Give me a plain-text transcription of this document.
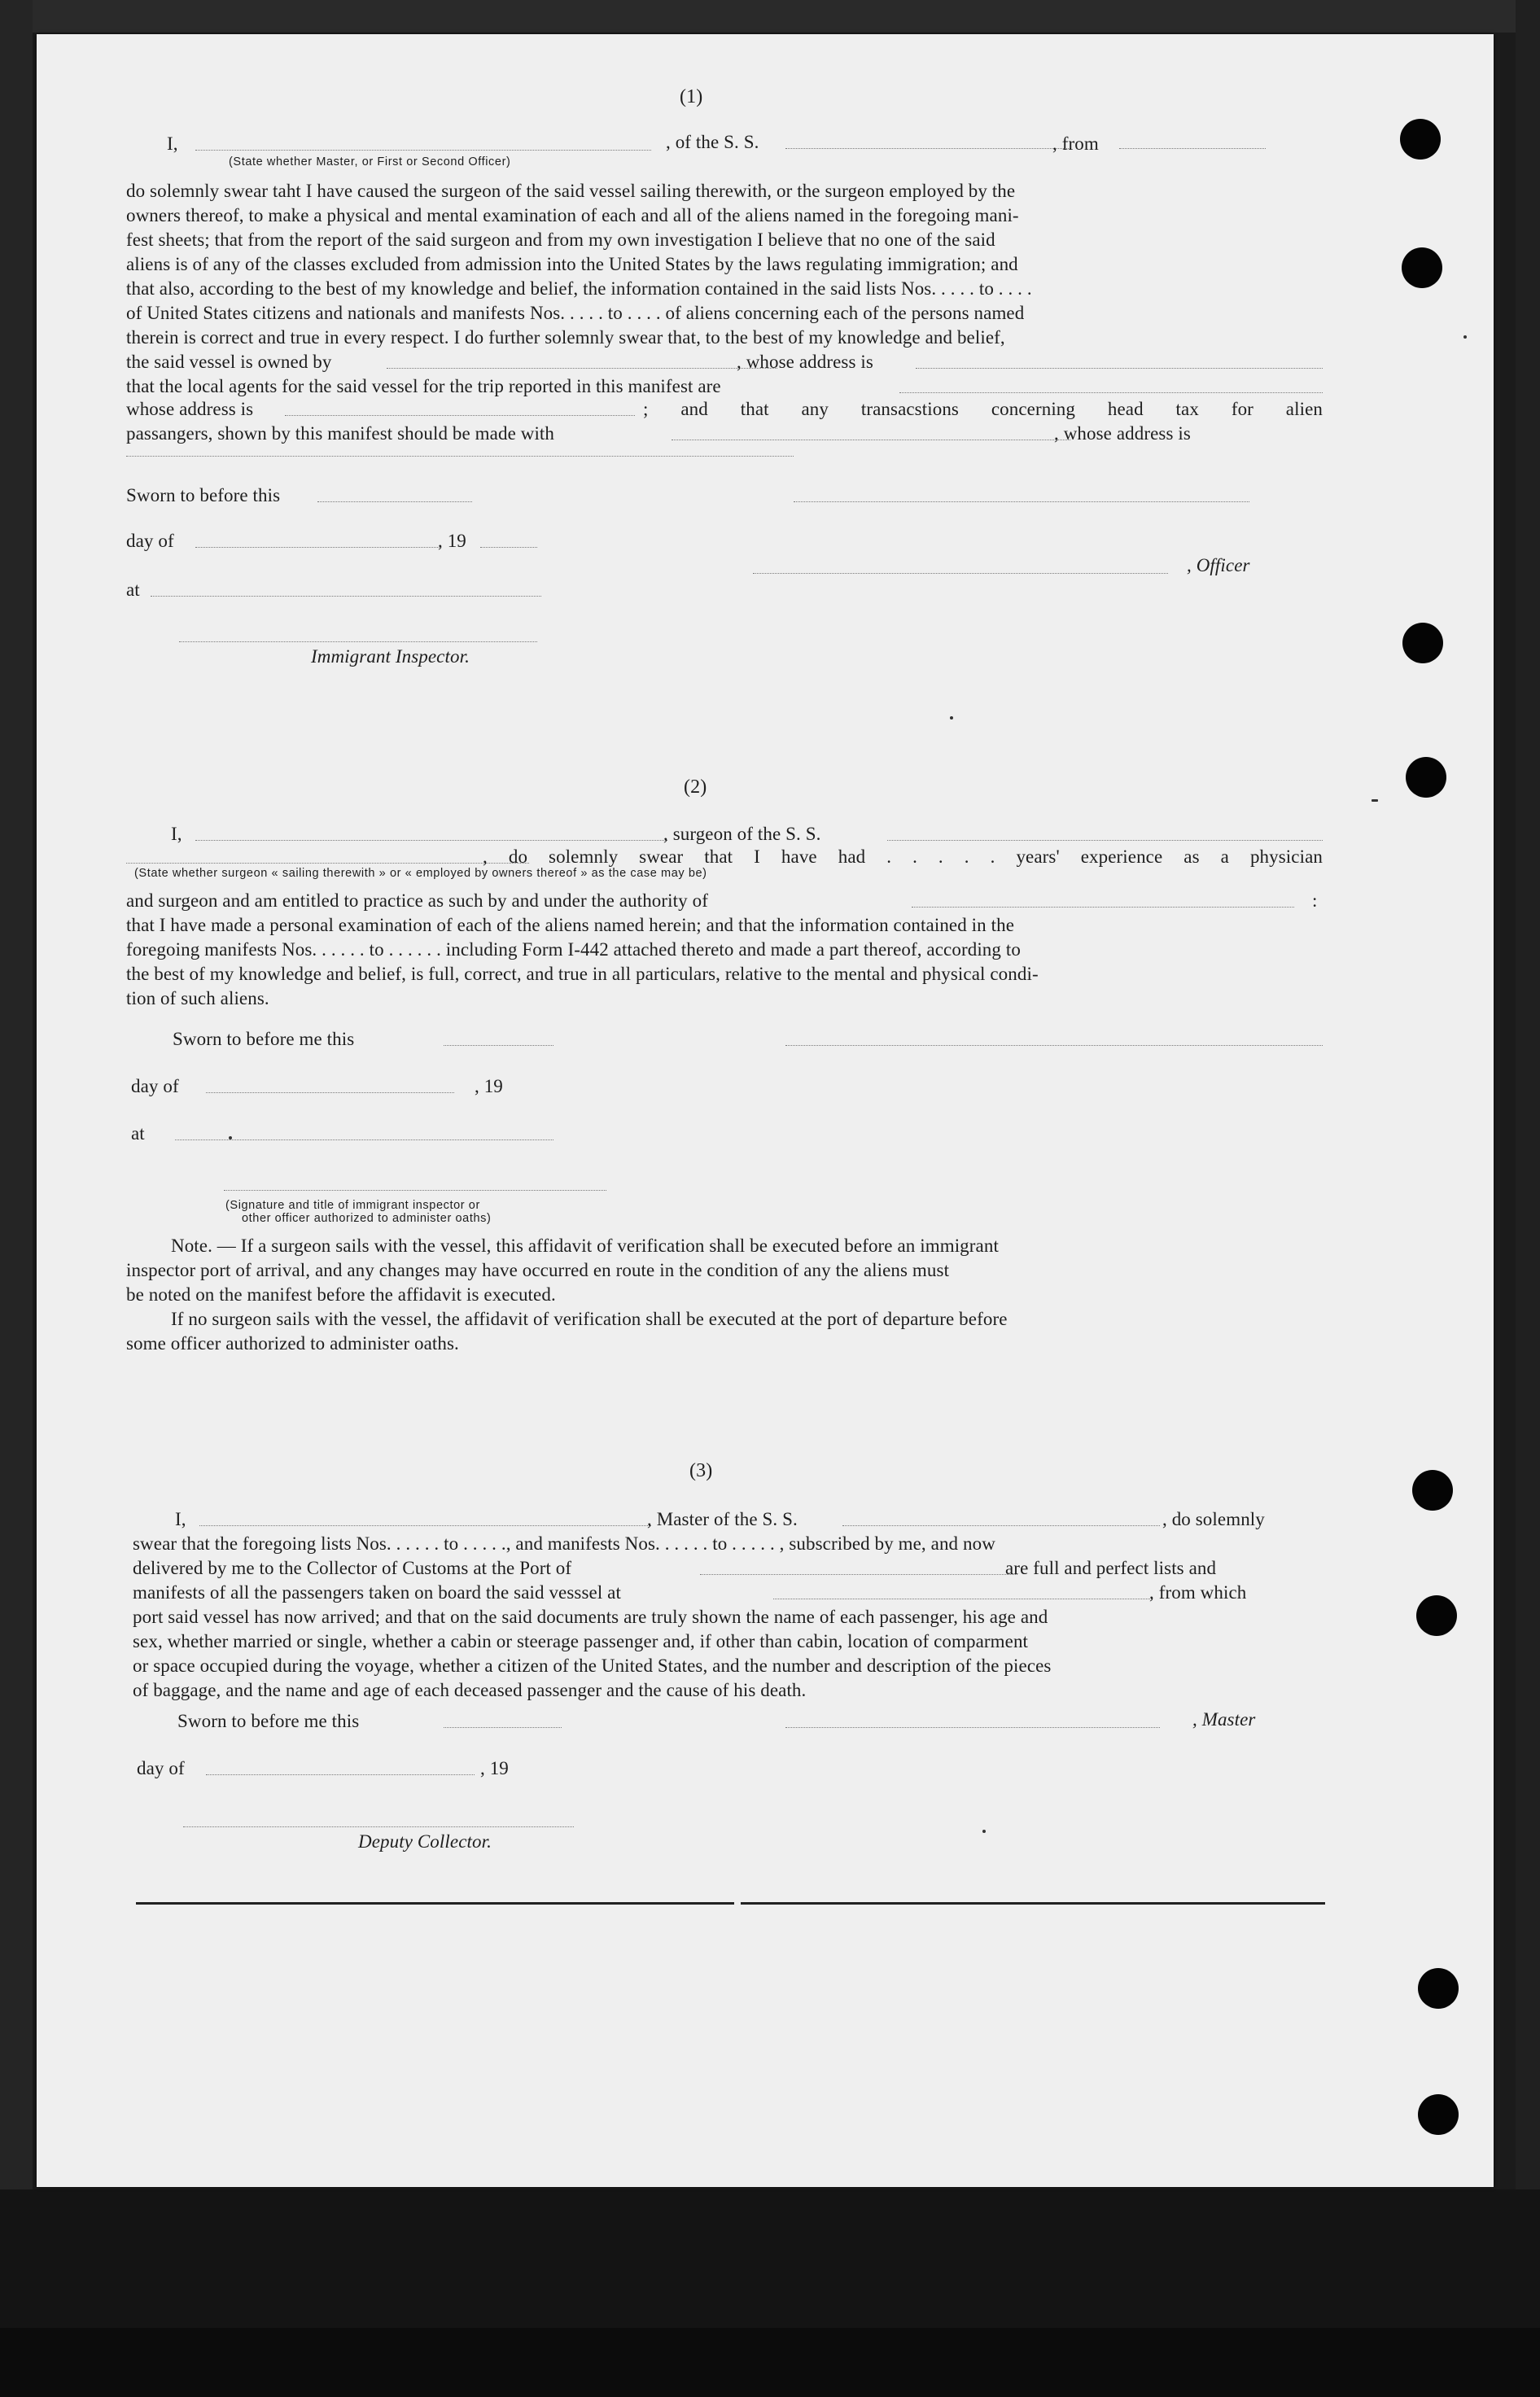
(1)
I,
(State whether Master, or First or Second Officer)
, of the S. S.	, from

do solemnly swear taht I have caused the surgeon of the said vessel sailing therewith, or the surgeon employed by the

owners thereof, to make a physical and mental examination of each and all of the aliens named in the foregoing mani-

fest sheets; that from the report of the said surgeon and from my own investigation I believe that no one of the said

aliens is of any of the classes excluded from admission into the United States by the laws regulating immigration; and

that also, according to the best of my knowledge and belief, the information contained in the said lists Nos. . . . . to . . . .

of United States citizens and nationals and manifests Nos. . . . . to . . . . of aliens concerning each of the persons named

therein is correct and true in every respect. I do further solemnly swear that, to the best of my knowledge and belief,

the said vessel is owned by	, whose address is
that the local agents for the said vessel for the trip reported in this manifest are
whose address is	; and that any transacstions concerning head tax for alien
passangers, shown by this manifest should be made with	, whose address is
Sworn to before this
day of	, 19
, Officer
at
Immigrant Inspector.
(2)
I,	, surgeon of the S. S.
, do solemnly swear that I have had . . . . . years' experience as a physician
(State whether surgeon « sailing therewith » or « employed by owners thereof » as the case may be)
and surgeon and am entitled to practice as such by and under the authority of	:

that I have made a personal examination of each of the aliens named herein; and that the information contained in the

foregoing manifests Nos. . . . . . to . . . . . . including Form I-442 attached thereto and made a part thereof, according to

the best of my knowledge and belief, is full, correct, and true in all particulars, relative to the mental and physical condi-

tion of such aliens.

Sworn to before me this
day of	, 19
at
(Signature and title of immigrant inspector or
other officer authorized to administer oaths)

Note. — If a surgeon sails with the vessel, this affidavit of verification shall be executed before an immigrant

inspector port of arrival, and any changes may have occurred en route in the condition of any the aliens must

be noted on the manifest before the affidavit is executed.

If no surgeon sails with the vessel, the affidavit of verification shall be executed at the port of departure before

some officer authorized to administer oaths.

(3)
I,	, Master of the S. S.	, do solemnly
swear that the foregoing lists Nos. . . . . . to . . . . ., and manifests Nos. . . . . . to . . . . . , subscribed by me, and now
delivered by me to the Collector of Customs at the Port of	are full and perfect lists and
manifests of all the passengers taken on board the said vesssel at	, from which

port said vessel has now arrived; and that on the said documents are truly shown the name of each passenger, his age and

sex, whether married or single, whether a cabin or steerage passenger and, if other than cabin, location of comparment

or space occupied during the voyage, whether a citizen of the United States, and the number and description of the pieces

of baggage, and the name and age of each deceased passenger and the cause of his death.

Sworn to before me this	, Master
day of	, 19
Deputy Collector.
